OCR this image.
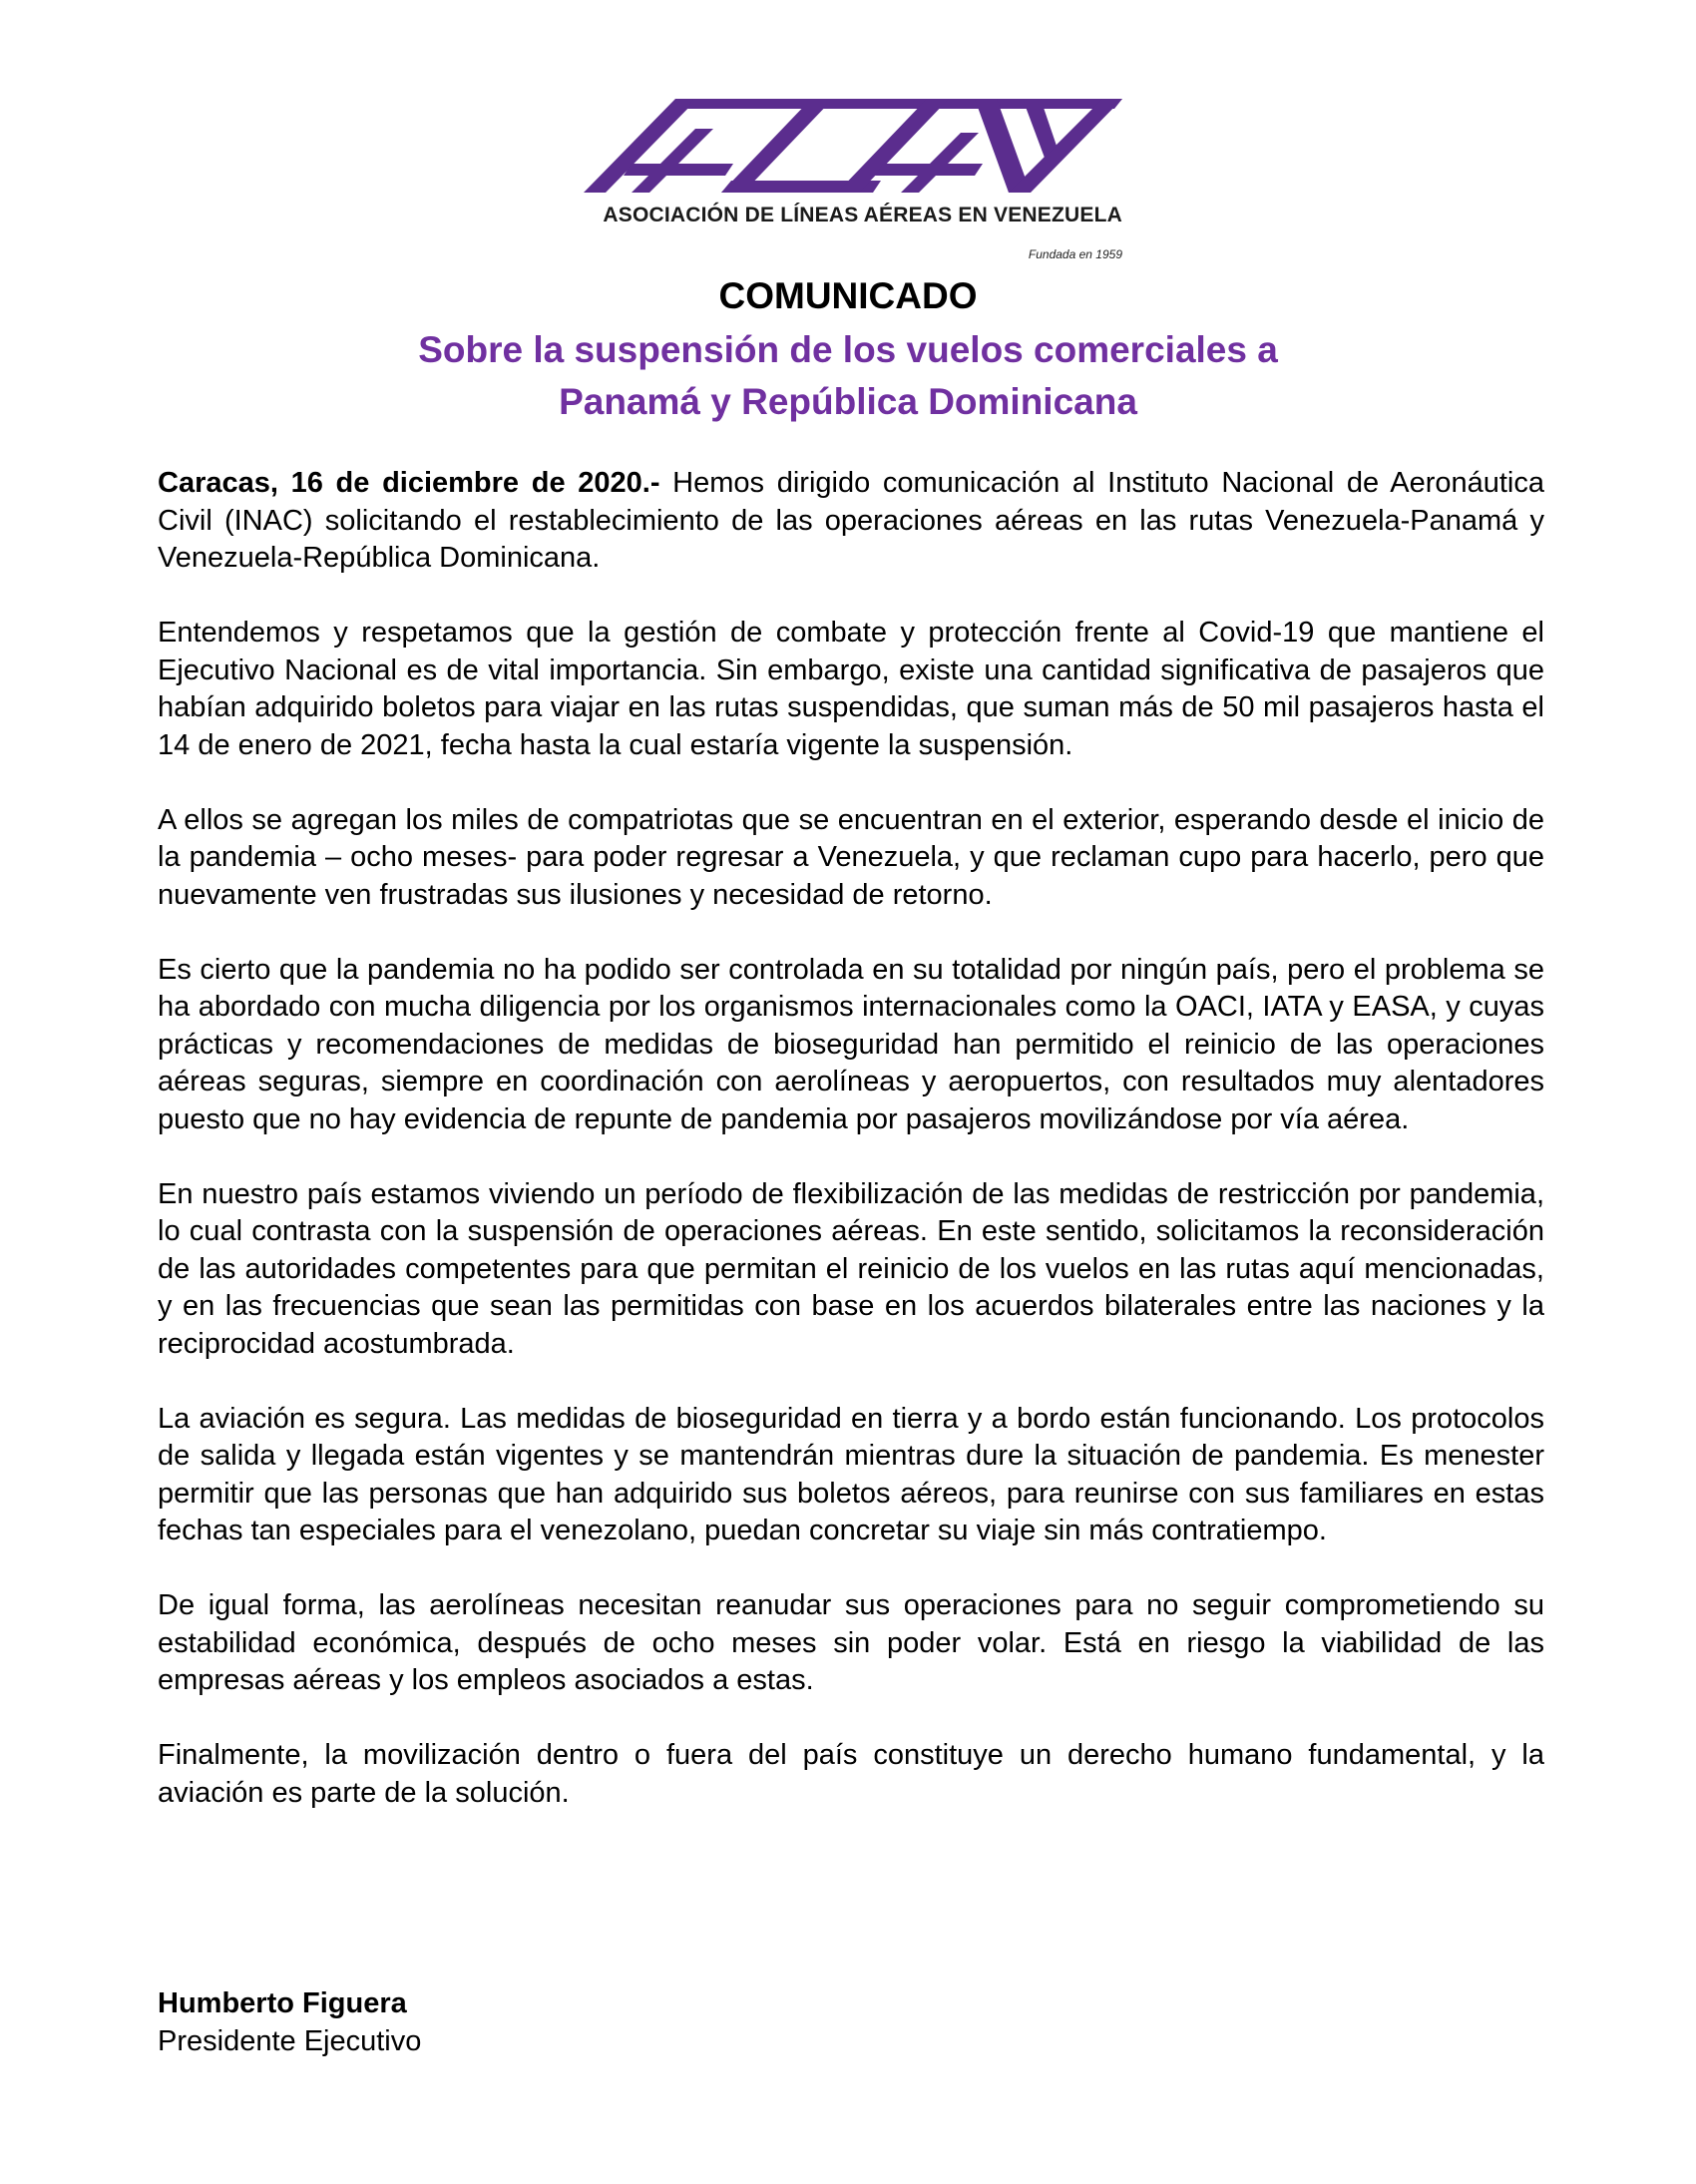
ASOCIACIÓN DE LÍNEAS AÉREAS EN VENEZUELA
Fundada en 1959
COMUNICADO
Sobre la suspensión de los vuelos comerciales a
Panamá y República Dominicana

Caracas, 16 de diciembre de 2020.- Hemos dirigido comunicación al Instituto Nacional de Aeronáutica Civil (INAC) solicitando el restablecimiento de las operaciones aéreas en las rutas Venezuela-Panamá y Venezuela-República Dominicana.

Entendemos y respetamos que la gestión de combate y protección frente al Covid-19 que mantiene el Ejecutivo Nacional es de vital importancia. Sin embargo, existe una cantidad significativa de pasajeros que habían adquirido boletos para viajar en las rutas suspendidas, que suman más de 50 mil pasajeros hasta el 14 de enero de 2021, fecha hasta la cual estaría vigente la suspensión.

A ellos se agregan los miles de compatriotas que se encuentran en el exterior, esperando desde el inicio de la pandemia – ocho meses- para poder regresar a Venezuela, y que reclaman cupo para hacerlo, pero que nuevamente ven frustradas sus ilusiones y necesidad de retorno.

Es cierto que la pandemia no ha podido ser controlada en su totalidad por ningún país, pero el problema se ha abordado con mucha diligencia por los organismos internacionales como la OACI, IATA y EASA, y cuyas prácticas y recomendaciones de medidas de bioseguridad han permitido el reinicio de las operaciones aéreas seguras, siempre en coordinación con aerolíneas y aeropuertos, con resultados muy alentadores puesto que no hay evidencia de repunte de pandemia por pasajeros movilizándose por vía aérea.

En nuestro país estamos viviendo un período de flexibilización de las medidas de restricción por pandemia, lo cual contrasta con la suspensión de operaciones aéreas. En este sentido, solicitamos la reconsideración de las autoridades competentes para que permitan el reinicio de los vuelos en las rutas aquí mencionadas, y en las frecuencias que sean las permitidas con base en los acuerdos bilaterales entre las naciones y la reciprocidad acostumbrada.

La aviación es segura. Las medidas de bioseguridad en tierra y a bordo están funcionando. Los protocolos de salida y llegada están vigentes y se mantendrán mientras dure la situación de pandemia. Es menester permitir que las personas que han adquirido sus boletos aéreos, para reunirse con sus familiares en estas fechas tan especiales para el venezolano, puedan concretar su viaje sin más contratiempo.

De igual forma, las aerolíneas necesitan reanudar sus operaciones para no seguir comprometiendo su estabilidad económica, después de ocho meses sin poder volar. Está en riesgo la viabilidad de las empresas aéreas y los empleos asociados a estas.

Finalmente, la movilización dentro o fuera del país constituye un derecho humano fundamental, y la aviación es parte de la solución.

Humberto Figuera
Presidente Ejecutivo
